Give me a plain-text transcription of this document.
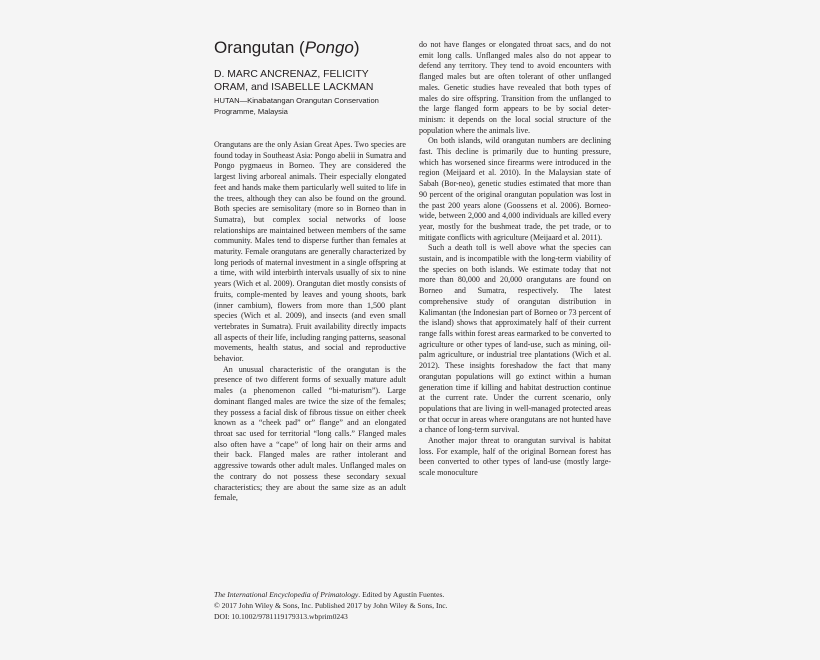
Orangutan (Pongo)
D. MARC ANCRENAZ, FELICITY
ORAM, and ISABELLE LACKMAN
HUTAN—Kinabatangan Orangutan Conservation
Programme, Malaysia

Orangutans are the only Asian Great Apes. Two species are found today in Southeast Asia: Pongo abelii in Sumatra and Pongo pygmaeus in Borneo. They are considered the largest living arboreal animals. Their especially elongated feet and hands make them particularly well suited to life in the trees, although they can also be found on the ground. Both species are semisolitary (more so in Borneo than in Sumatra), but complex social networks of loose relationships are maintained between members of the same community. Males tend to disperse further than females at maturity. Female orangutans are generally characterized by long periods of maternal investment in a single offspring at a time, with wild interbirth intervals usually of six to nine years (Wich et al. 2009). Orangutan diet mostly consists of fruits, comple-mented by leaves and young shoots, bark (inner cambium), flowers from more than 1,500 plant species (Wich et al. 2009), and insects (and even small vertebrates in Sumatra). Fruit availability directly impacts all aspects of their life, including ranging patterns, seasonal movements, health status, and social and reproductive behavior.

An unusual characteristic of the orangutan is the presence of two different forms of sexually mature adult males (a phenomenon called “bi-maturism”). Large dominant flanged males are twice the size of the females; they possess a facial disk of fibrous tissue on either cheek known as a “cheek pad” or” flange” and an elongated throat sac used for territorial “long calls.” Flanged males also often have a “cape” of long hair on their arms and their back. Flanged males are rather intolerant and aggressive towards other adult males. Unflanged males on the contrary do not possess these secondary sexual characteristics; they are about the same size as an adult female,

do not have flanges or elongated throat sacs, and do not emit long calls. Unflanged males also do not appear to defend any territory. They tend to avoid encounters with flanged males but are often tolerant of other unflanged males. Genetic studies have revealed that both types of males do sire offspring. Transition from the unflanged to the large flanged form appears to be by social deter-minism: it depends on the local social structure of the population where the animals live.

On both islands, wild orangutan numbers are declining fast. This decline is primarily due to hunting pressure, which has worsened since firearms were introduced in the region (Meijaard et al. 2010). In the Malaysian state of Sabah (Bor-neo), genetic studies estimated that more than 90 percent of the original orangutan population was lost in the past 200 years alone (Goossens et al. 2006). Borneo-wide, between 2,000 and 4,000 individuals are killed every year, mostly for the bushmeat trade, the pet trade, or to mitigate conflicts with agriculture (Meijaard et al. 2011).

Such a death toll is well above what the species can sustain, and is incompatible with the long-term viability of the species on both islands. We estimate today that not more than 80,000 and 20,000 orangutans are found on Borneo and Sumatra, respectively. The latest comprehensive study of orangutan distribution in Kalimantan (the Indonesian part of Borneo or 73 percent of the island) shows that approximately half of their current range falls within forest areas earmarked to be converted to agriculture or other types of land-use, such as mining, oil-palm agriculture, or industrial tree plantations (Wich et al. 2012). These insights foreshadow the fact that many orangutan populations will go extinct within a human generation time if killing and habitat destruction continue at the current rate. Under the current scenario, only populations that are living in well-managed protected areas or that occur in areas where orangutans are not hunted have a chance of long-term survival.

Another major threat to orangutan survival is habitat loss. For example, half of the original Bornean forest has been converted to other types of land-use (mostly large-scale monoculture

The International Encyclopedia of Primatology. Edited by Agustín Fuentes.
© 2017 John Wiley & Sons, Inc. Published 2017 by John Wiley & Sons, Inc.
DOI: 10.1002/9781119179313.wbprim0243
